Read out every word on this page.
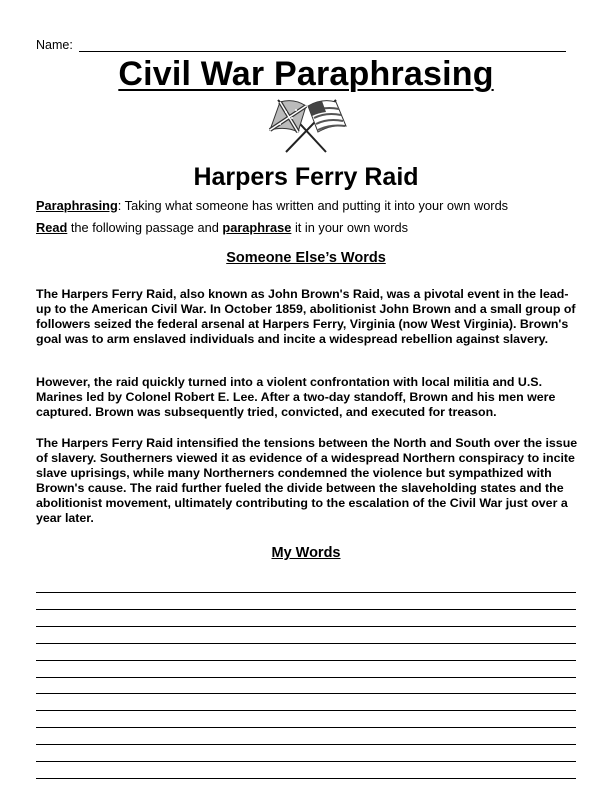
Name:
Civil War Paraphrasing
Harpers Ferry Raid
Paraphrasing: Taking what someone has written and putting it into your own words
Read the following passage and paraphrase it in your own words
Someone Else’s Words

The Harpers Ferry Raid, also known as John Brown's Raid, was a pivotal event in the lead-up to the American Civil War. In October 1859, abolitionist John Brown and a small group of followers seized the federal arsenal at Harpers Ferry, Virginia (now West Virginia). Brown's goal was to arm enslaved individuals and incite a widespread rebellion against slavery.

However, the raid quickly turned into a violent confrontation with local militia and U.S. Marines led by Colonel Robert E. Lee. After a two-day standoff, Brown and his men were captured. Brown was subsequently tried, convicted, and executed for treason.

The Harpers Ferry Raid intensified the tensions between the North and South over the issue of slavery. Southerners viewed it as evidence of a widespread Northern conspiracy to incite slave uprisings, while many Northerners condemned the violence but sympathized with Brown's cause. The raid further fueled the divide between the slaveholding states and the abolitionist movement, ultimately contributing to the escalation of the Civil War just over a year later.

My Words
